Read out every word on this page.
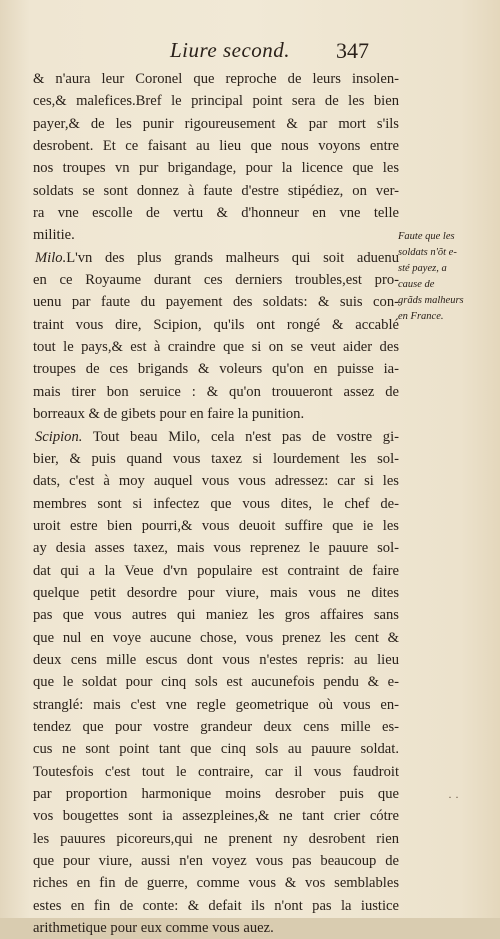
Liure second. 347
& n'aura leur Coronel que reproche de leurs insolen-
ces,& malefices.Bref le principal point sera de les bien
payer,& de les punir rigoureusement & par mort s'ils
desrobent. Et ce faisant au lieu que nous voyons entre
nos troupes vn pur brigandage, pour la licence que les
soldats se sont donnez à faute d'estre stipédiez, on ver-
ra vne escolle de vertu & d'honneur en vne telle
militie.
Milo.L'vn des plus grands malheurs qui soit aduenu
en ce Royaume durant ces derniers troubles,est pro-
uenu par faute du payement des soldats: & suis con-
traint vous dire, Scipion, qu'ils ont rongé & accablé
tout le pays,& est à craindre que si on se veut aider des
troupes de ces brigands & voleurs qu'on en puisse ia-
mais tirer bon seruice : & qu'on trouueront assez de
borreaux & de gibets pour en faire la punition.
Scipion. Tout beau Milo, cela n'est pas de vostre gi-
bier, & puis quand vous taxez si lourdement les sol-
dats, c'est à moy auquel vous vous adressez: car si les
membres sont si infectez que vous dites, le chef de-
uroit estre bien pourri,& vous deuoit suffire que ie les
ay desia asses taxez, mais vous reprenez le pauure sol-
dat qui a la Veue d'vn populaire est contraint de faire
quelque petit desordre pour viure, mais vous ne dites
pas que vous autres qui maniez les gros affaires sans
que nul en voye aucune chose, vous prenez les cent &
deux cens mille escus dont vous n'estes repris: au lieu
que le soldat pour cinq sols est aucunefois pendu & e-
stranglé: mais c'est vne regle geometrique où vous en-
tendez que pour vostre grandeur deux cens mille es-
cus ne sont point tant que cinq sols au pauure soldat.
Toutesfois c'est tout le contraire, car il vous faudroit
par proportion harmonique moins desrober puis que
vos bougettes sont ia assezpleines,& ne tant crier cótre
les pauures picoreurs,qui ne prenent ny desrobent rien
que pour viure, aussi n'en voyez vous pas beaucoup de
riches en fin de guerre, comme vous & vos semblables
estes en fin de conte: & defait ils n'ont pas la iustice
arithmetique pour eux comme vous auez.
Faute que les
soldats n'õt e-
sté payez, a
cause de
grãds malheurs
en France.
· ·
